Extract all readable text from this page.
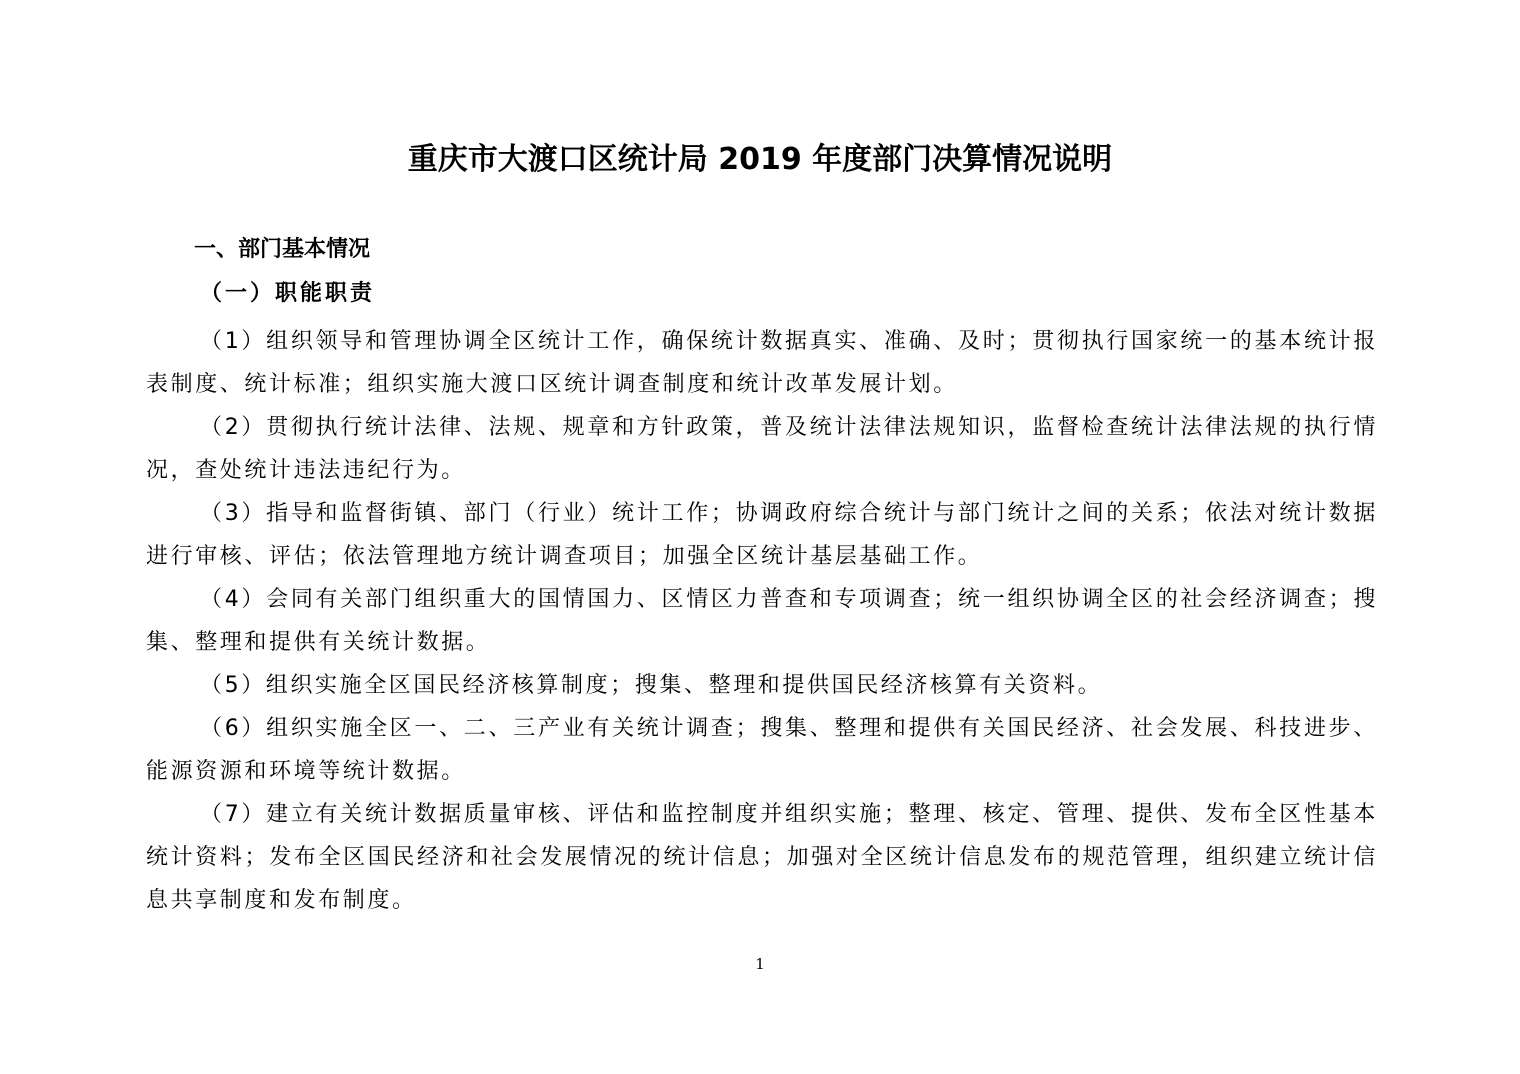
重庆市大渡口区统计局 2019 年度部门决算情况说明
一、部门基本情况
（一）职能职责

（1）组织领导和管理协调全区统计工作，确保统计数据真实、准确、及时；贯彻执行国家统一的基本统计报表制度、统计标准；组织实施大渡口区统计调查制度和统计改革发展计划。

（2）贯彻执行统计法律、法规、规章和方针政策，普及统计法律法规知识，监督检查统计法律法规的执行情况，查处统计违法违纪行为。

（3）指导和监督街镇、部门（行业）统计工作；协调政府综合统计与部门统计之间的关系；依法对统计数据进行审核、评估；依法管理地方统计调查项目；加强全区统计基层基础工作。

（4）会同有关部门组织重大的国情国力、区情区力普查和专项调查；统一组织协调全区的社会经济调查；搜集、整理和提供有关统计数据。

（5）组织实施全区国民经济核算制度；搜集、整理和提供国民经济核算有关资料。

（6）组织实施全区一、二、三产业有关统计调查；搜集、整理和提供有关国民经济、社会发展、科技进步、能源资源和环境等统计数据。

（7）建立有关统计数据质量审核、评估和监控制度并组织实施；整理、核定、管理、提供、发布全区性基本统计资料；发布全区国民经济和社会发展情况的统计信息；加强对全区统计信息发布的规范管理，组织建立统计信息共享制度和发布制度。

1
